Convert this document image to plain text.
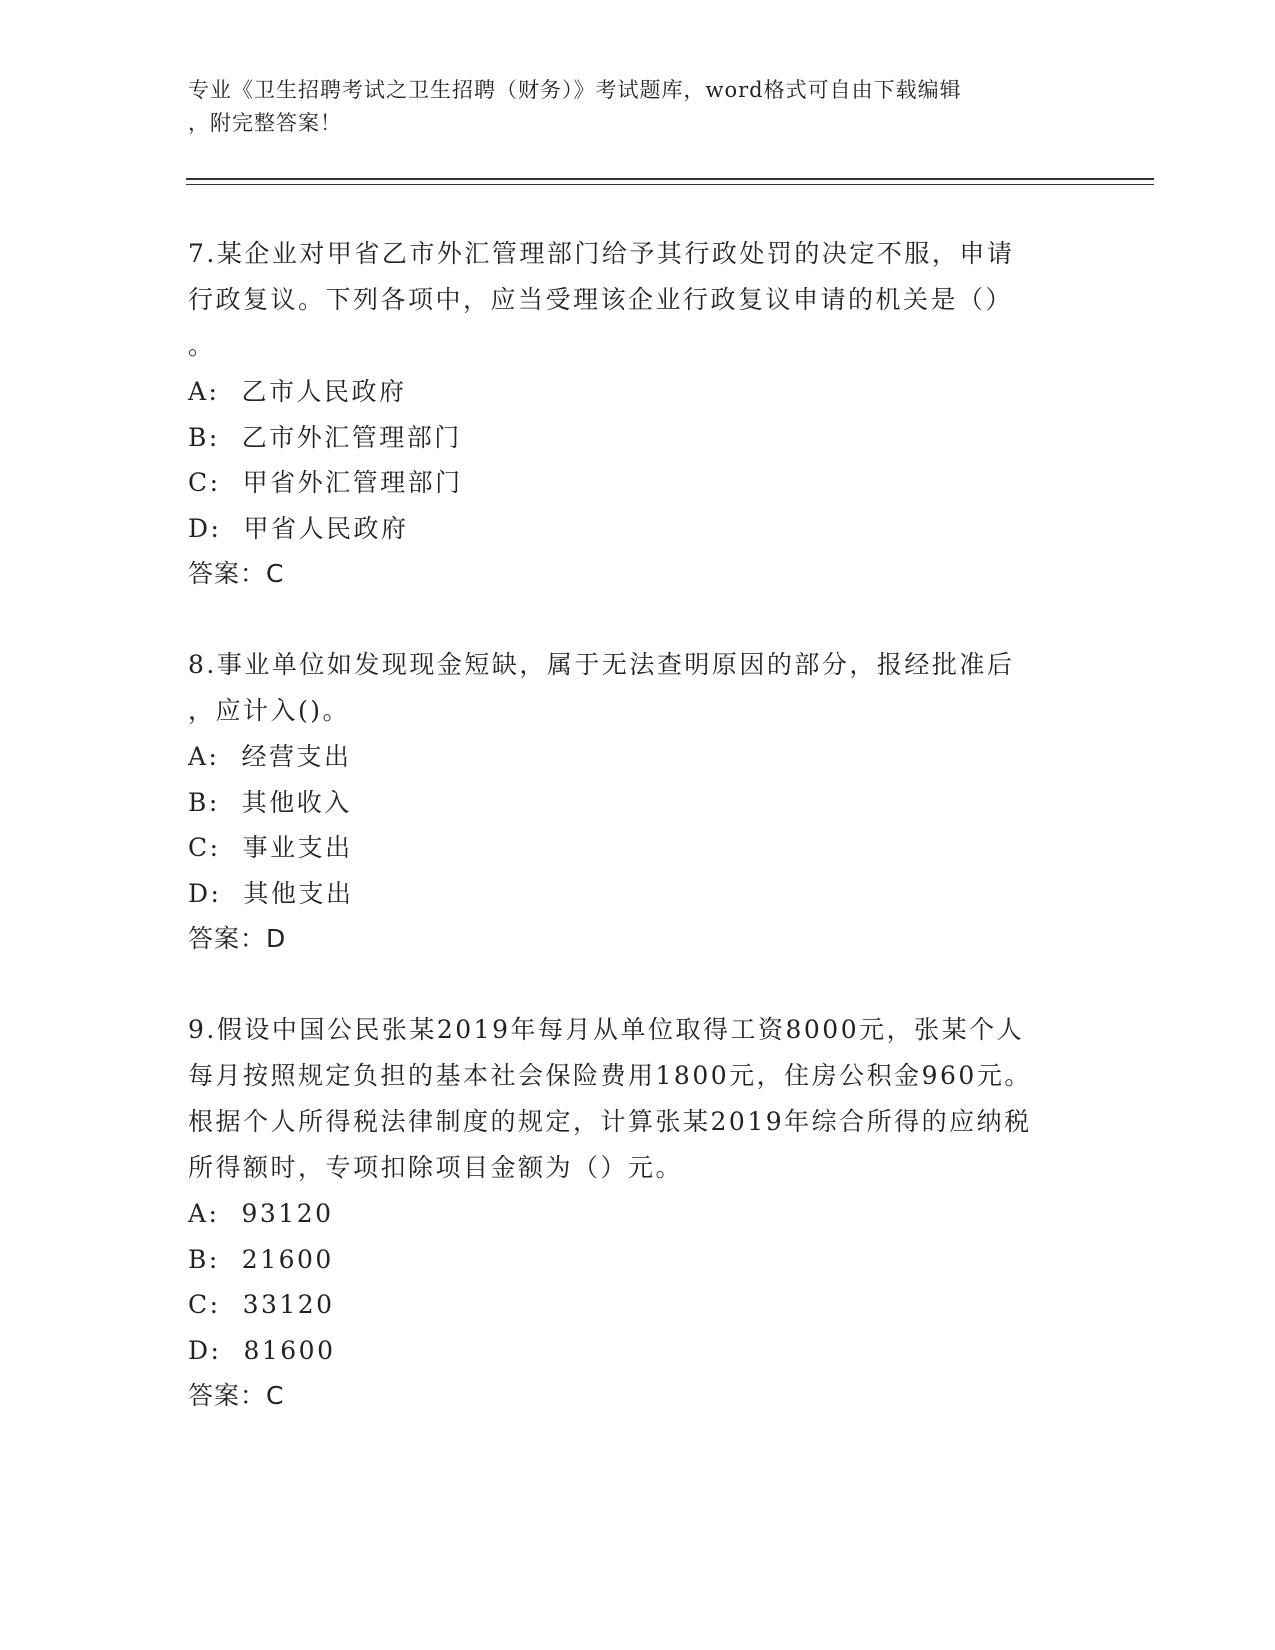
专业《卫生招聘考试之卫生招聘（财务）》考试题库，word格式可自由下载编辑
，附完整答案！
7.某企业对甲省乙市外汇管理部门给予其行政处罚的决定不服，申请
行政复议。下列各项中，应当受理该企业行政复议申请的机关是（）
。
A: 乙市人民政府
B: 乙市外汇管理部门
C: 甲省外汇管理部门
D: 甲省人民政府
答案：C
8.事业单位如发现现金短缺，属于无法查明原因的部分，报经批准后
，应计入()。
A: 经营支出
B: 其他收入
C: 事业支出
D: 其他支出
答案：D
9.假设中国公民张某2019年每月从单位取得工资8000元，张某个人
每月按照规定负担的基本社会保险费用1800元，住房公积金960元。
根据个人所得税法律制度的规定，计算张某2019年综合所得的应纳税
所得额时，专项扣除项目金额为（）元。
A: 93120
B: 21600
C: 33120
D: 81600
答案：C
